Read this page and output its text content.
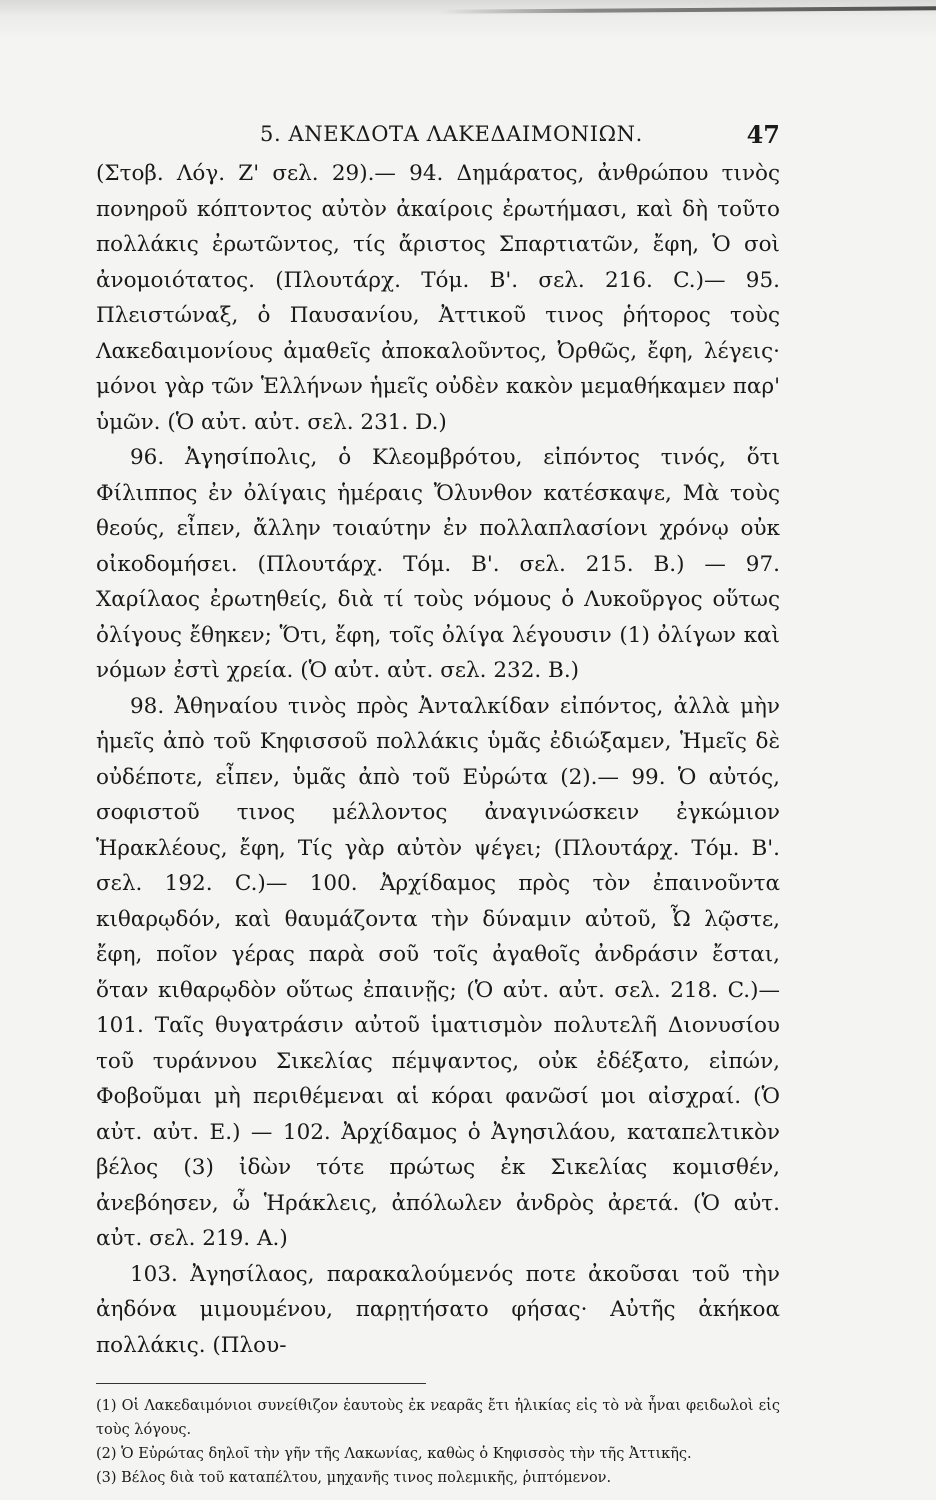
5. ΑΝΕΚΔΟΤΑ ΛΑΚΕΔΑΙΜΟΝΙΩΝ.	47

(Στοβ. Λόγ. Ζ' σελ. 29).— 94. Δημάρατος, ἀνθρώπου τινὸς πονηροῦ κόπτοντος αὐτὸν ἀκαίροις ἐρωτήμασι, καὶ δὴ τοῦτο πολλάκις ἐρωτῶντος, τίς ἄριστος Σπαρτιατῶν, ἔφη, Ὁ σοὶ ἀνομοιότατος. (Πλουτάρχ. Τόμ. Β'. σελ. 216. C.)— 95. Πλειστώναξ, ὁ Παυσανίου, Ἀττικοῦ τινος ῥήτορος τοὺς Λακεδαιμονίους ἀμαθεῖς ἀποκαλοῦντος, Ὀρθῶς, ἔφη, λέγεις· μόνοι γὰρ τῶν Ἑλλήνων ἡμεῖς οὐδὲν κακὸν μεμαθήκαμεν παρ' ὑμῶν. (Ὁ αὐτ. αὐτ. σελ. 231. D.)

96. Ἀγησίπολις, ὁ Κλεομβρότου, εἰπόντος τινός, ὅτι Φίλιππος ἐν ὀλίγαις ἡμέραις Ὄλυνθον κατέσκαψε, Μὰ τοὺς θεούς, εἶπεν, ἄλλην τοιαύτην ἐν πολλαπλασίονι χρόνῳ οὐκ οἰκοδομήσει. (Πλουτάρχ. Τόμ. Β'. σελ. 215. B.) — 97. Χαρίλαος ἐρωτηθείς, διὰ τί τοὺς νόμους ὁ Λυκοῦργος οὕτως ὀλίγους ἔθηκεν; Ὅτι, ἔφη, τοῖς ὀλίγα λέγουσιν (1) ὀλίγων καὶ νόμων ἐστὶ χρεία. (Ὁ αὐτ. αὐτ. σελ. 232. B.)

98. Ἀθηναίου τινὸς πρὸς Ἀνταλκίδαν εἰπόντος, ἀλλὰ μὴν ἡμεῖς ἀπὸ τοῦ Κηφισσοῦ πολλάκις ὑμᾶς ἐδιώξαμεν, Ἡμεῖς δὲ οὐδέποτε, εἶπεν, ὑμᾶς ἀπὸ τοῦ Εὐρώτα (2).— 99. Ὁ αὐτός, σοφιστοῦ τινος μέλλοντος ἀναγινώσκειν ἐγκώμιον Ἡρακλέους, ἔφη, Τίς γὰρ αὐτὸν ψέγει; (Πλουτάρχ. Τόμ. Β'. σελ. 192. C.)— 100. Ἀρχίδαμος πρὸς τὸν ἐπαινοῦντα κιθαρῳδόν, καὶ θαυμάζοντα τὴν δύναμιν αὐτοῦ, Ὦ λῷστε, ἔφη, ποῖον γέρας παρὰ σοῦ τοῖς ἀγαθοῖς ἀνδράσιν ἔσται, ὅταν κιθαρῳδὸν οὕτως ἐπαινῇς; (Ὁ αὐτ. αὐτ. σελ. 218. C.)— 101. Ταῖς θυγατράσιν αὐτοῦ ἱματισμὸν πολυτελῆ Διονυσίου τοῦ τυράννου Σικελίας πέμψαντος, οὐκ ἐδέξατο, εἰπών, Φοβοῦμαι μὴ περιθέμεναι αἱ κόραι φανῶσί μοι αἰσχραί. (Ὁ αὐτ. αὐτ. E.) — 102. Ἀρχίδαμος ὁ Ἀγησιλάου, καταπελτικὸν βέλος (3) ἰδὼν τότε πρώτως ἐκ Σικελίας κομισθέν, ἀνεβόησεν, ὦ Ἡράκλεις, ἀπόλωλεν ἀνδρὸς ἀρετά. (Ὁ αὐτ. αὐτ. σελ. 219. A.)

103. Ἀγησίλαος, παρακαλούμενός ποτε ἀκοῦσαι τοῦ τὴν ἀηδόνα μιμουμένου, παρῃτήσατο φήσας· Αὐτῆς ἀκήκοα πολλάκις. (Πλου-

(1) Οἱ Λακεδαιμόνιοι συνείθιζον ἑαυτοὺς ἐκ νεαρᾶς ἔτι ἡλικίας εἰς τὸ νὰ ἦναι φειδωλοὶ εἰς τοὺς λόγους.

(2) Ὁ Εὐρώτας δηλοῖ τὴν γῆν τῆς Λακωνίας, καθὼς ὁ Κηφισσὸς τὴν τῆς Ἀττικῆς.

(3) Βέλος διὰ τοῦ καταπέλτου, μηχανῆς τινος πολεμικῆς, ῥιπτόμενον.
